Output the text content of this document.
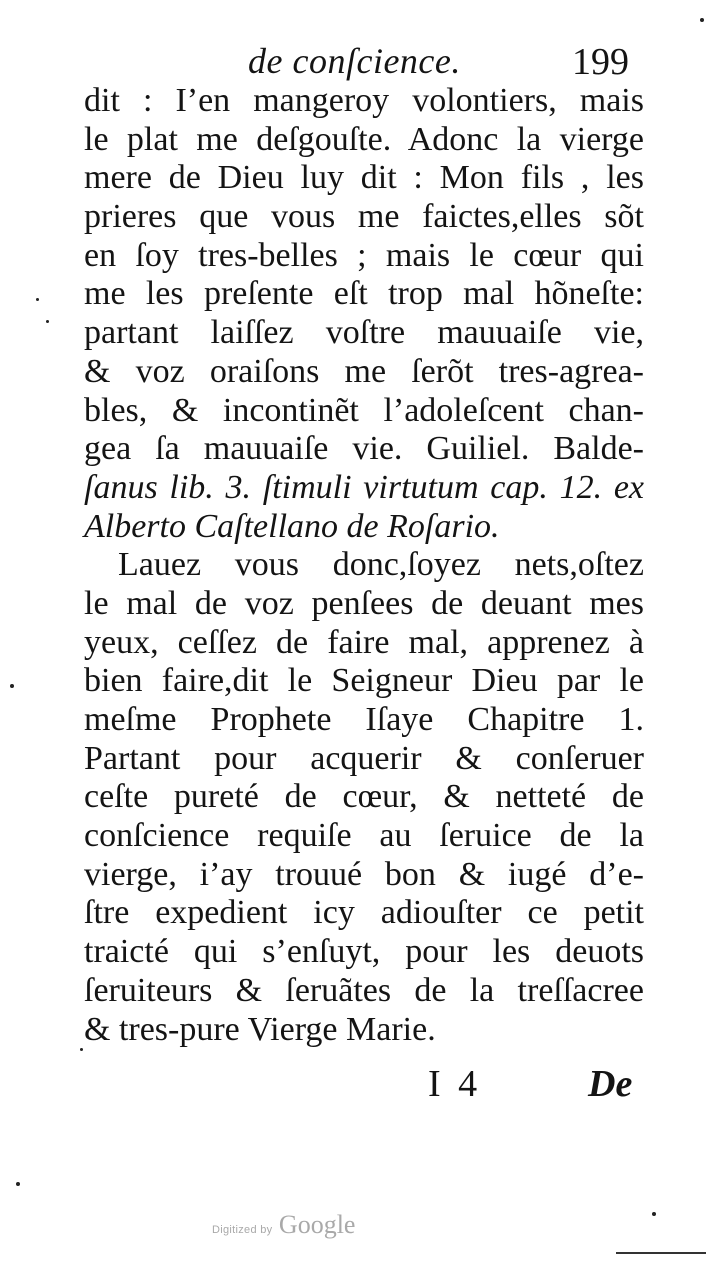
de conſcience.	199
dit : I’en mangeroy volontiers, mais
le plat me deſgouſte. Adonc la vierge
mere de Dieu luy dit : Mon fils , les
prieres que vous me faictes,elles sõt
en ſoy tres-belles ; mais le cœur qui
me les preſente eſt trop mal hõneſte:
partant laiſſez voſtre mauuaiſe vie,
& voz oraiſons me ſerõt tres-agrea-
bles, & incontinẽt l’adoleſcent chan-
gea ſa mauuaiſe vie. Guiliel. Balde-
ſanus lib. 3. ſtimuli virtutum cap. 12. ex
Alberto Caſtellano de Roſario.
Lauez vous donc,ſoyez nets,oſtez
le mal de voz penſees de deuant mes
yeux, ceſſez de faire mal, apprenez à
bien faire,dit le Seigneur Dieu par le
meſme Prophete Iſaye Chapitre 1.
Partant pour acquerir & conſeruer
ceſte pureté de cœur, & netteté de
conſcience requiſe au ſeruice de la
vierge, i’ay trouué bon & iugé d’e-
ſtre expedient icy adiouſter ce petit
traicté qui s’enſuyt, pour les deuots
ſeruiteurs & ſeruãtes de la treſſacree
& tres-pure Vierge Marie.
I 4	De
Digitized by Google
